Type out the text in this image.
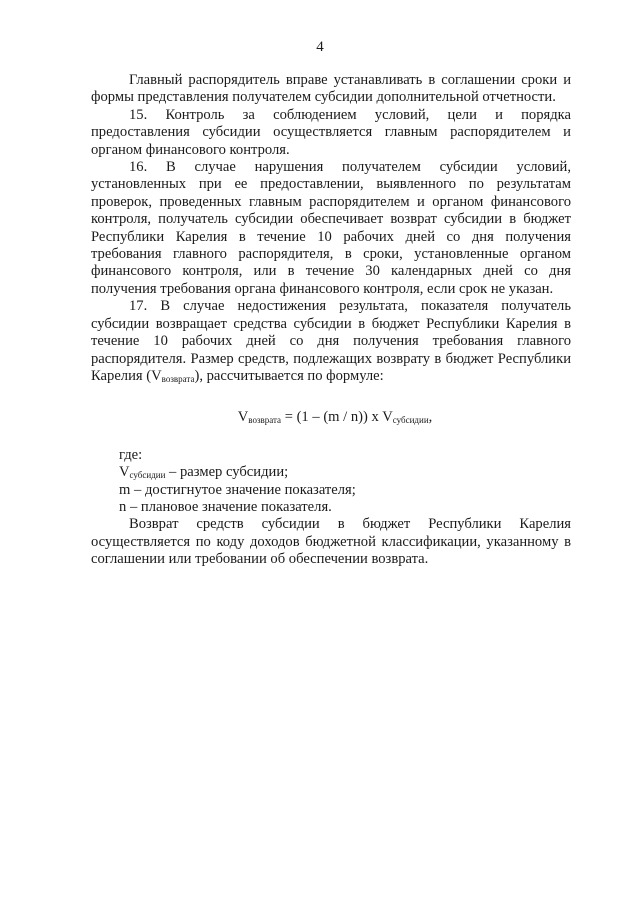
4

Главный распорядитель вправе устанавливать в соглашении сроки и формы представления получателем субсидии дополнительной отчетности.

15. Контроль за соблюдением условий, цели и порядка предоставления субсидии осуществляется главным распорядителем и органом финансового контроля.

16. В случае нарушения получателем субсидии условий, установленных при ее предоставлении, выявленного по результатам проверок, проведенных главным распорядителем и органом финансового контроля, получатель субсидии обеспечивает возврат субсидии в бюджет Республики Карелия в течение 10 рабочих дней со дня получения требования главного распорядителя, в сроки, установленные органом финансового контроля, или в течение 30 календарных дней со дня получения требования органа финансового контроля, если срок не указан.

17. В случае недостижения результата, показателя получатель субсидии возвращает средства субсидии в бюджет Республики Карелия в течение 10 рабочих дней со дня получения требования главного распорядителя. Размер средств, подлежащих возврату в бюджет Республики Карелия (Vвозврата), рассчитывается по формуле:

$V_{возврата} = (1 - (m / n))$ x $V_{субсидии}$,

где:

$V_{субсидии}$ – размер субсидии;

m – достигнутое значение показателя;

n – плановое значение показателя.

Возврат средств субсидии в бюджет Республики Карелия осуществляется по коду доходов бюджетной классификации, указанному в соглашении или требовании об обеспечении возврата.
